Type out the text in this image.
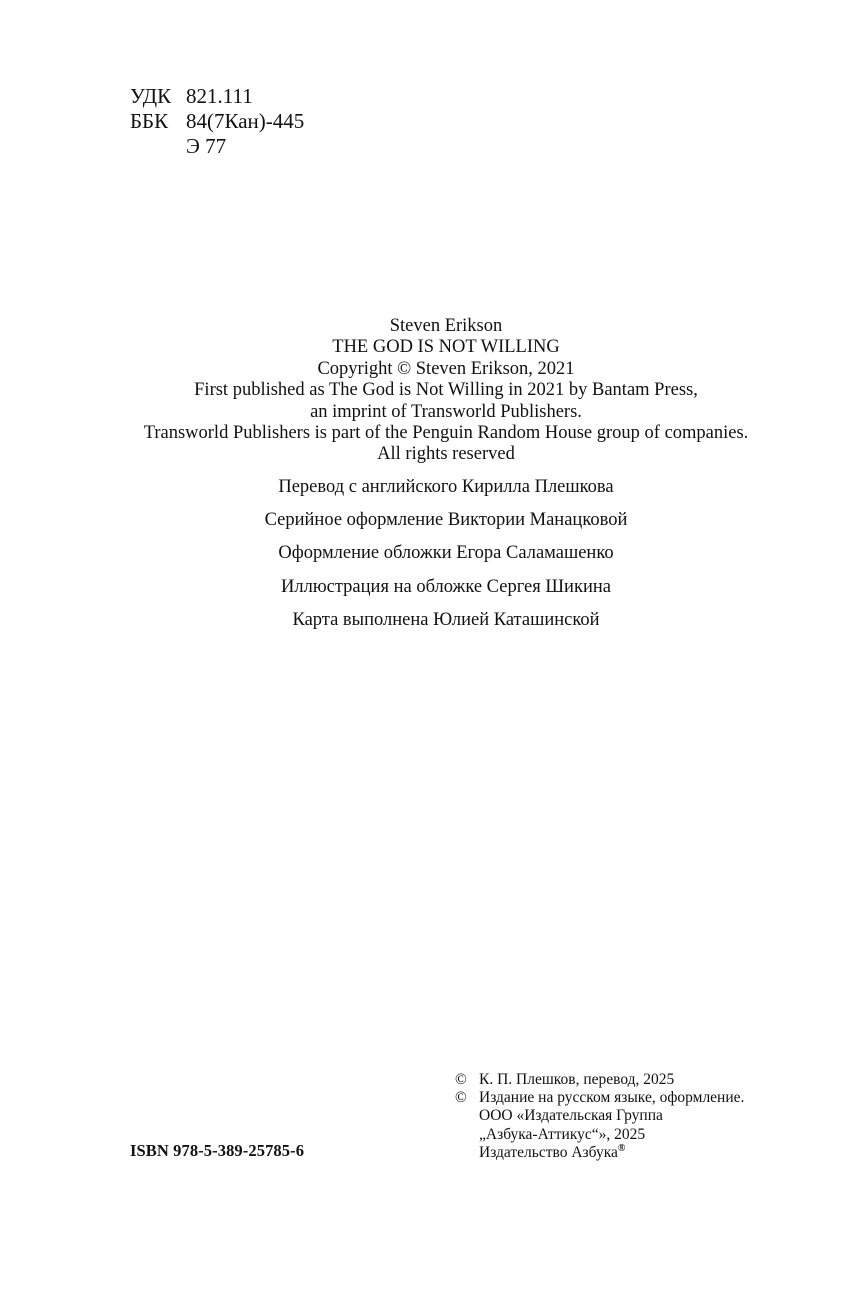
УДК 821.111
ББК 84(7Кан)-445
Э 77
Steven Erikson
THE GOD IS NOT WILLING
Copyright © Steven Erikson, 2021
First published as The God is Not Willing in 2021 by Bantam Press,
an imprint of Transworld Publishers.
Transworld Publishers is part of the Penguin Random House group of companies.
All rights reserved
Перевод с английского Кирилла Плешкова
Серийное оформление Виктории Манацковой
Оформление обложки Егора Саламашенко
Иллюстрация на обложке Сергея Шикина
Карта выполнена Юлией Каташинской
ISBN 978-5-389-25785-6
© К. П. Плешков, перевод, 2025
© Издание на русском языке, оформление.
ООО «Издательская Группа
„Азбука-Аттикус“», 2025
Издательство Азбука®
